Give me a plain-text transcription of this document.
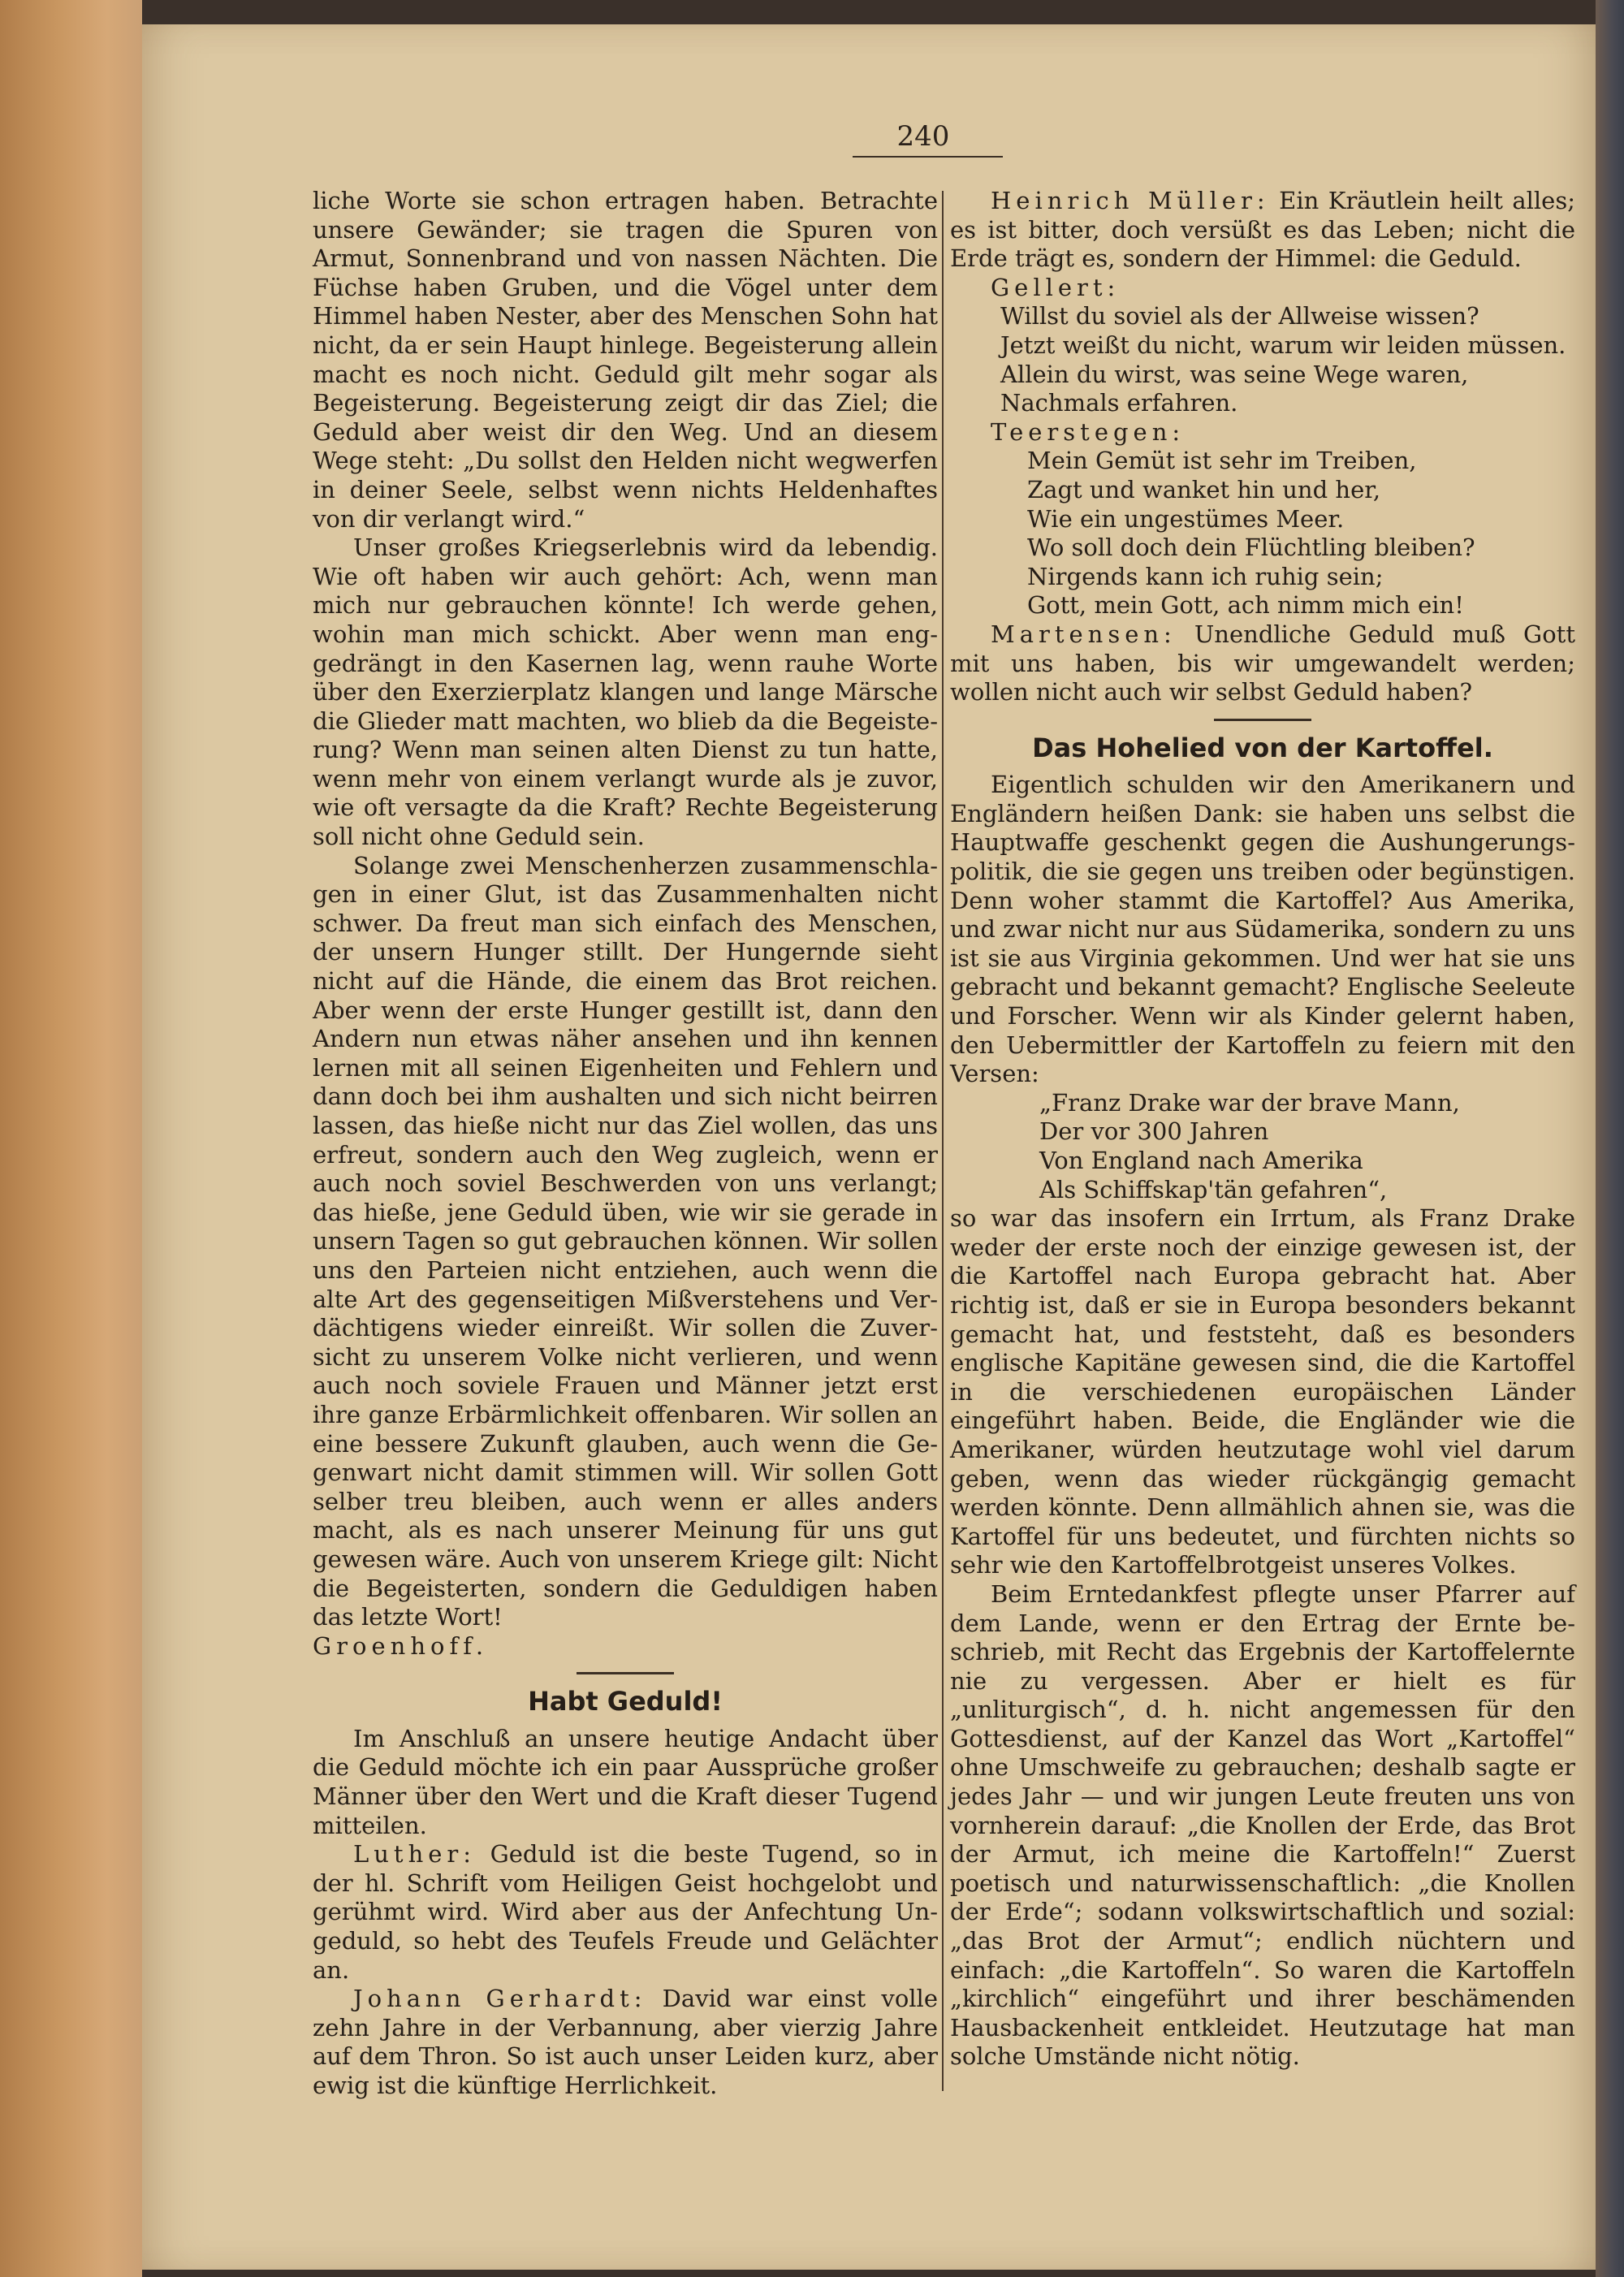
240

liche Worte sie schon ertragen haben. Betrachte unsere Gewänder; sie tragen die Spuren von Armut, Sonnenbrand und von nassen Nächten. Die Füchse haben Gruben, und die Vögel unter dem Himmel haben Nester, aber des Menschen Sohn hat nicht, da er sein Haupt hinlege. Begeisterung allein macht es noch nicht. Geduld gilt mehr sogar als Begeisterung. Begeisterung zeigt dir das Ziel; die Geduld aber weist dir den Weg. Und an diesem Wege steht: „Du sollst den Helden nicht wegwerfen in deiner Seele, selbst wenn nichts Heldenhaftes von dir verlangt wird.“

Unser großes Kriegserlebnis wird da lebendig. Wie oft haben wir auch gehört: Ach, wenn man mich nur gebrauchen könnte! Ich werde gehen, wohin man mich schickt. Aber wenn man enggedrängt in den Kasernen lag, wenn rauhe Worte über den Exerzierplatz klangen und lange Märsche die Glieder matt machten, wo blieb da die Begeisterung? Wenn man seinen alten Dienst zu tun hatte, wenn mehr von einem verlangt wurde als je zuvor, wie oft versagte da die Kraft? Rechte Begeisterung soll nicht ohne Geduld sein.

Solange zwei Menschenherzen zusammenschlagen in einer Glut, ist das Zusammenhalten nicht schwer. Da freut man sich einfach des Menschen, der unsern Hunger stillt. Der Hungernde sieht nicht auf die Hände, die einem das Brot reichen. Aber wenn der erste Hunger gestillt ist, dann den Andern nun etwas näher ansehen und ihn kennen lernen mit all seinen Eigenheiten und Fehlern und dann doch bei ihm aushalten und sich nicht beirren lassen, das hieße nicht nur das Ziel wollen, das uns erfreut, sondern auch den Weg zugleich, wenn er auch noch soviel Beschwerden von uns verlangt; das hieße, jene Geduld üben, wie wir sie gerade in unsern Tagen so gut gebrauchen können. Wir sollen uns den Parteien nicht entziehen, auch wenn die alte Art des gegenseitigen Mißverstehens und Verdächtigens wieder einreißt. Wir sollen die Zuversicht zu unserem Volke nicht verlieren, und wenn auch noch soviele Frauen und Männer jetzt erst ihre ganze Erbärmlichkeit offenbaren. Wir sollen an eine bessere Zukunft glauben, auch wenn die Gegenwart nicht damit stimmen will. Wir sollen Gott selber treu bleiben, auch wenn er alles anders macht, als es nach unserer Meinung für uns gut gewesen wäre. Auch von unserem Kriege gilt: Nicht die Begeisterten, sondern die Geduldigen haben das letzte Wort!

Groenhoff.

Habt Geduld!

Im Anschluß an unsere heutige Andacht über die Geduld möchte ich ein paar Aussprüche großer Männer über den Wert und die Kraft dieser Tugend mitteilen.

Luther: Geduld ist die beste Tugend, so in der hl. Schrift vom Heiligen Geist hochgelobt und gerühmt wird. Wird aber aus der Anfechtung Ungeduld, so hebt des Teufels Freude und Gelächter an.

Johann Gerhardt: David war einst volle zehn Jahre in der Verbannung, aber vierzig Jahre auf dem Thron. So ist auch unser Leiden kurz, aber ewig ist die künftige Herrlichkeit.

Heinrich Müller: Ein Kräutlein heilt alles; es ist bitter, doch versüßt es das Leben; nicht die Erde trägt es, sondern der Himmel: die Geduld.

Gellert:

Willst du soviel als der Allweise wissen?
Jetzt weißt du nicht, warum wir leiden müssen.
Allein du wirst, was seine Wege waren,
Nachmals erfahren.

Teerstegen:

Mein Gemüt ist sehr im Treiben,
Zagt und wanket hin und her,
Wie ein ungestümes Meer.
Wo soll doch dein Flüchtling bleiben?
Nirgends kann ich ruhig sein;
Gott, mein Gott, ach nimm mich ein!

Martensen: Unendliche Geduld muß Gott mit uns haben, bis wir umgewandelt werden; wollen nicht auch wir selbst Geduld haben?

Das Hohelied von der Kartoffel.

Eigentlich schulden wir den Amerikanern und Engländern heißen Dank: sie haben uns selbst die Hauptwaffe geschenkt gegen die Aushungerungspolitik, die sie gegen uns treiben oder begünstigen. Denn woher stammt die Kartoffel? Aus Amerika, und zwar nicht nur aus Südamerika, sondern zu uns ist sie aus Virginia gekommen. Und wer hat sie uns gebracht und bekannt gemacht? Englische Seeleute und Forscher. Wenn wir als Kinder gelernt haben, den Uebermittler der Kartoffeln zu feiern mit den Versen:

„Franz Drake war der brave Mann,
Der vor 300 Jahren
Von England nach Amerika
Als Schiffskap'tän gefahren“,

so war das insofern ein Irrtum, als Franz Drake weder der erste noch der einzige gewesen ist, der die Kartoffel nach Europa gebracht hat. Aber richtig ist, daß er sie in Europa besonders bekannt gemacht hat, und feststeht, daß es besonders englische Kapitäne gewesen sind, die die Kartoffel in die verschiedenen europäischen Länder eingeführt haben. Beide, die Engländer wie die Amerikaner, würden heutzutage wohl viel darum geben, wenn das wieder rückgängig gemacht werden könnte. Denn allmählich ahnen sie, was die Kartoffel für uns bedeutet, und fürchten nichts so sehr wie den Kartoffelbrotgeist unseres Volkes.

Beim Erntedankfest pflegte unser Pfarrer auf dem Lande, wenn er den Ertrag der Ernte beschrieb, mit Recht das Ergebnis der Kartoffelernte nie zu vergessen. Aber er hielt es für „unliturgisch“, d. h. nicht angemessen für den Gottesdienst, auf der Kanzel das Wort „Kartoffel“ ohne Umschweife zu gebrauchen; deshalb sagte er jedes Jahr — und wir jungen Leute freuten uns von vornherein darauf: „die Knollen der Erde, das Brot der Armut, ich meine die Kartoffeln!“ Zuerst poetisch und naturwissenschaftlich: „die Knollen der Erde“; sodann volkswirtschaftlich und sozial: „das Brot der Armut“; endlich nüchtern und einfach: „die Kartoffeln“. So waren die Kartoffeln „kirchlich“ eingeführt und ihrer beschämenden Hausbackenheit entkleidet. Heutzutage hat man solche Umstände nicht nötig.
